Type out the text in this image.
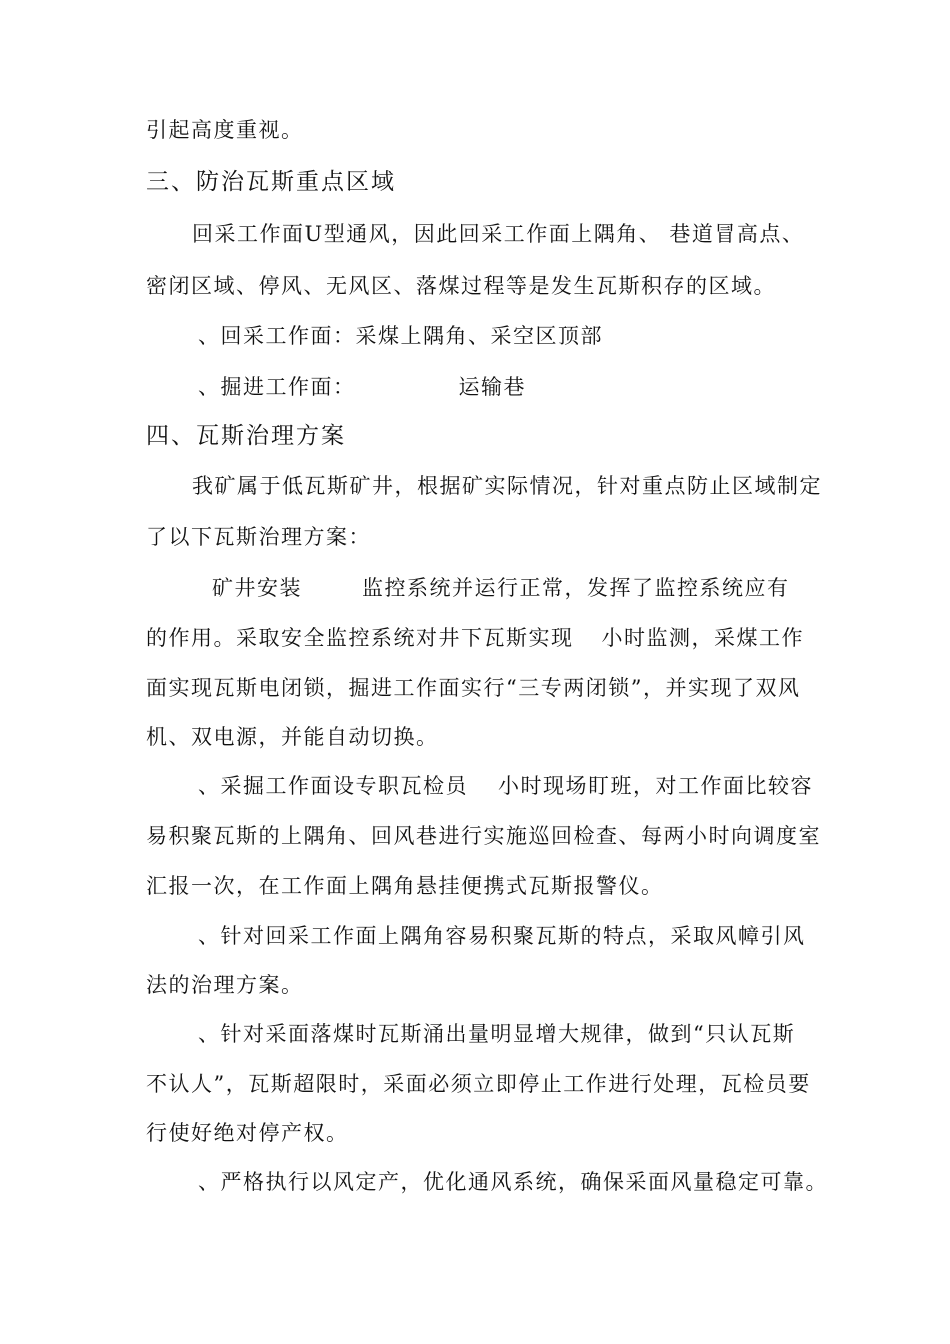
引起高度重视。
三、防治瓦斯重点区域
回采工作面U型通风，因此回采工作面上隅角、 巷道冒高点、
密闭区域、停风、无风区、落煤过程等是发生瓦斯积存的区域。
、回采工作面：采煤上隅角、采空区顶部
、掘进工作面：	运输巷
四、瓦斯治理方案
我矿属于低瓦斯矿井，根据矿实际情况，针对重点防止区域制定
了以下瓦斯治理方案：
矿井安装	监控系统并运行正常，发挥了监控系统应有
的作用。采取安全监控系统对井下瓦斯实现 小时监测，采煤工作
面实现瓦斯电闭锁，掘进工作面实行“三专两闭锁”，并实现了双风
机、双电源，并能自动切换。
、采掘工作面设专职瓦检员 小时现场盯班，对工作面比较容
易积聚瓦斯的上隅角、回风巷进行实施巡回检查、每两小时向调度室
汇报一次，在工作面上隅角悬挂便携式瓦斯报警仪。
、针对回采工作面上隅角容易积聚瓦斯的特点，采取风幛引风
法的治理方案。
、针对采面落煤时瓦斯涌出量明显增大规律，做到“只认瓦斯
不认人”，瓦斯超限时，采面必须立即停止工作进行处理，瓦检员要
行使好绝对停产权。
、严格执行以风定产，优化通风系统，确保采面风量稳定可靠。
